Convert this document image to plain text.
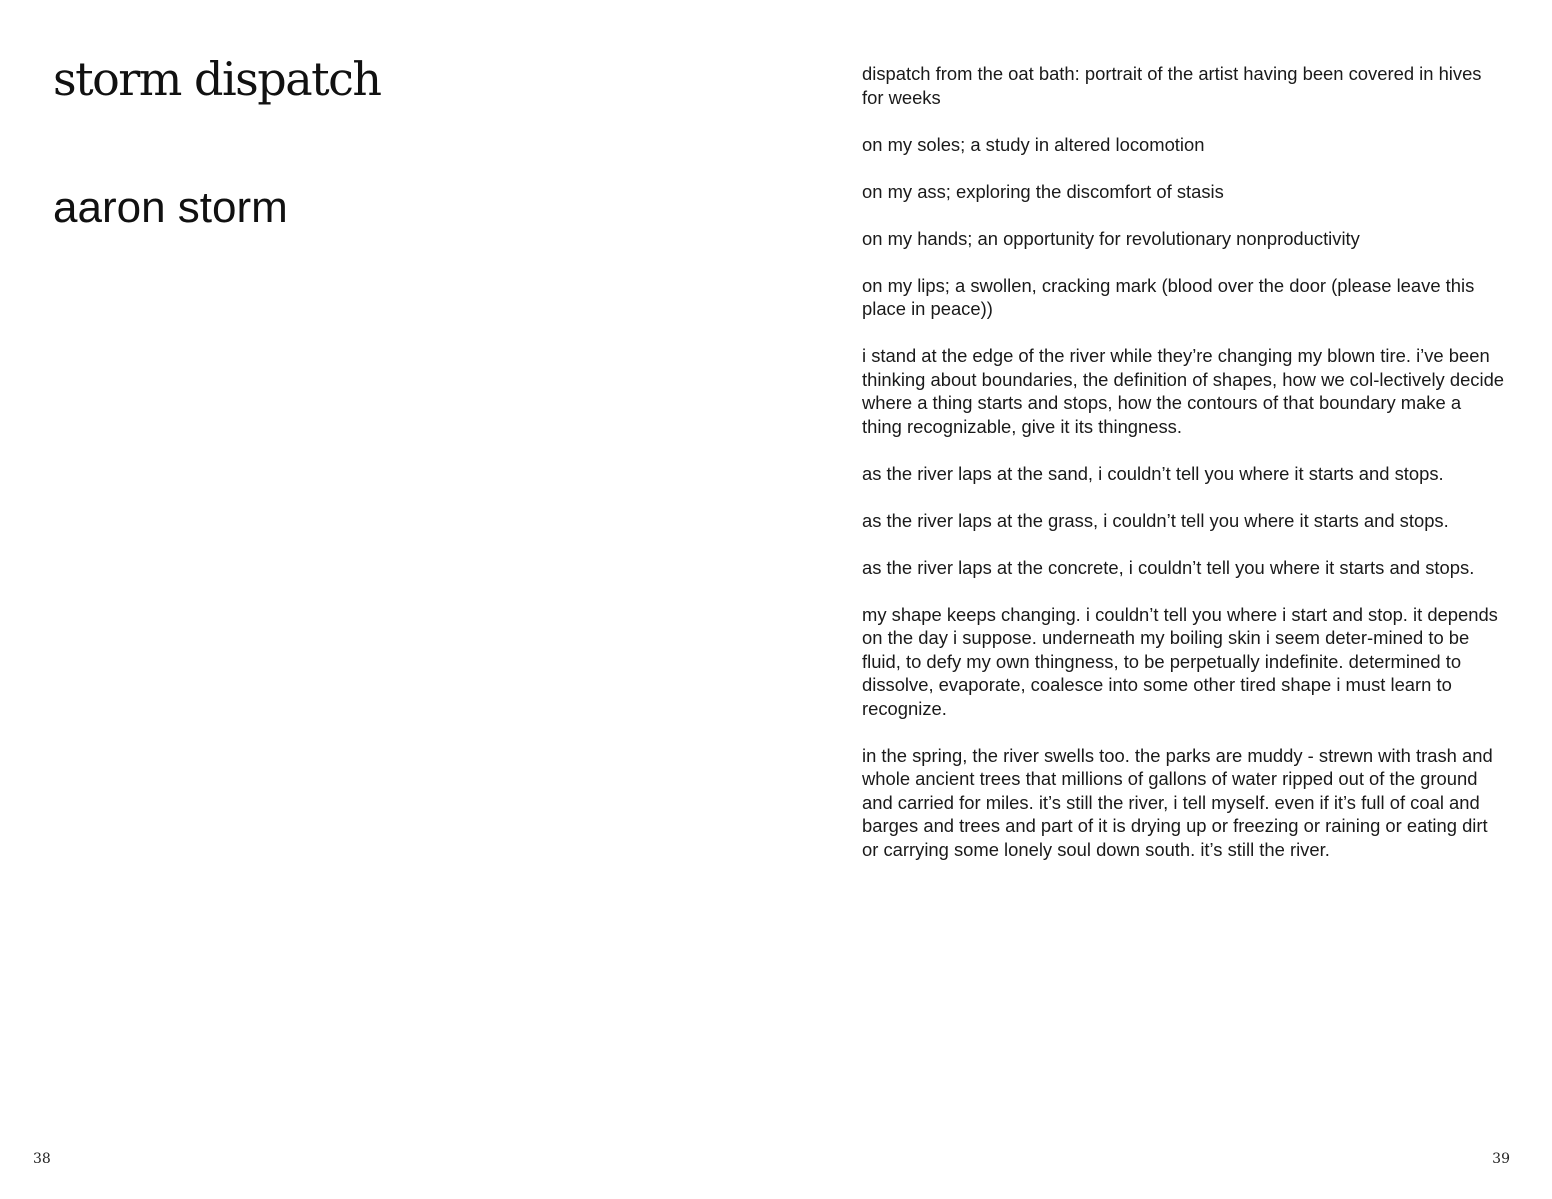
storm dispatch
aaron storm
38

dispatch from the oat bath: portrait of the artist having been covered in hives for weeks

on my soles; a study in altered locomotion

on my ass; exploring the discomfort of stasis

on my hands; an opportunity for revolutionary nonproductivity

on my lips; a swollen, cracking mark (blood over the door (please leave this place in peace))

i stand at the edge of the river while they’re changing my blown tire. i’ve been thinking about boundaries, the definition of shapes, how we col-lectively decide where a thing starts and stops, how the contours of that boundary make a thing recognizable, give it its thingness.

as the river laps at the sand, i couldn’t tell you where it starts and stops.

as the river laps at the grass, i couldn’t tell you where it starts and stops.

as the river laps at the concrete, i couldn’t tell you where it starts and stops.

my shape keeps changing. i couldn’t tell you where i start and stop. it depends on the day i suppose. underneath my boiling skin i seem deter-mined to be fluid, to defy my own thingness, to be perpetually indefinite. determined to dissolve, evaporate, coalesce into some other tired shape i must learn to recognize.

in the spring, the river swells too. the parks are muddy - strewn with trash and whole ancient trees that millions of gallons of water ripped out of the ground and carried for miles. it’s still the river, i tell myself. even if it’s full of coal and barges and trees and part of it is drying up or freezing or raining or eating dirt or carrying some lonely soul down south. it’s still the river.

39
